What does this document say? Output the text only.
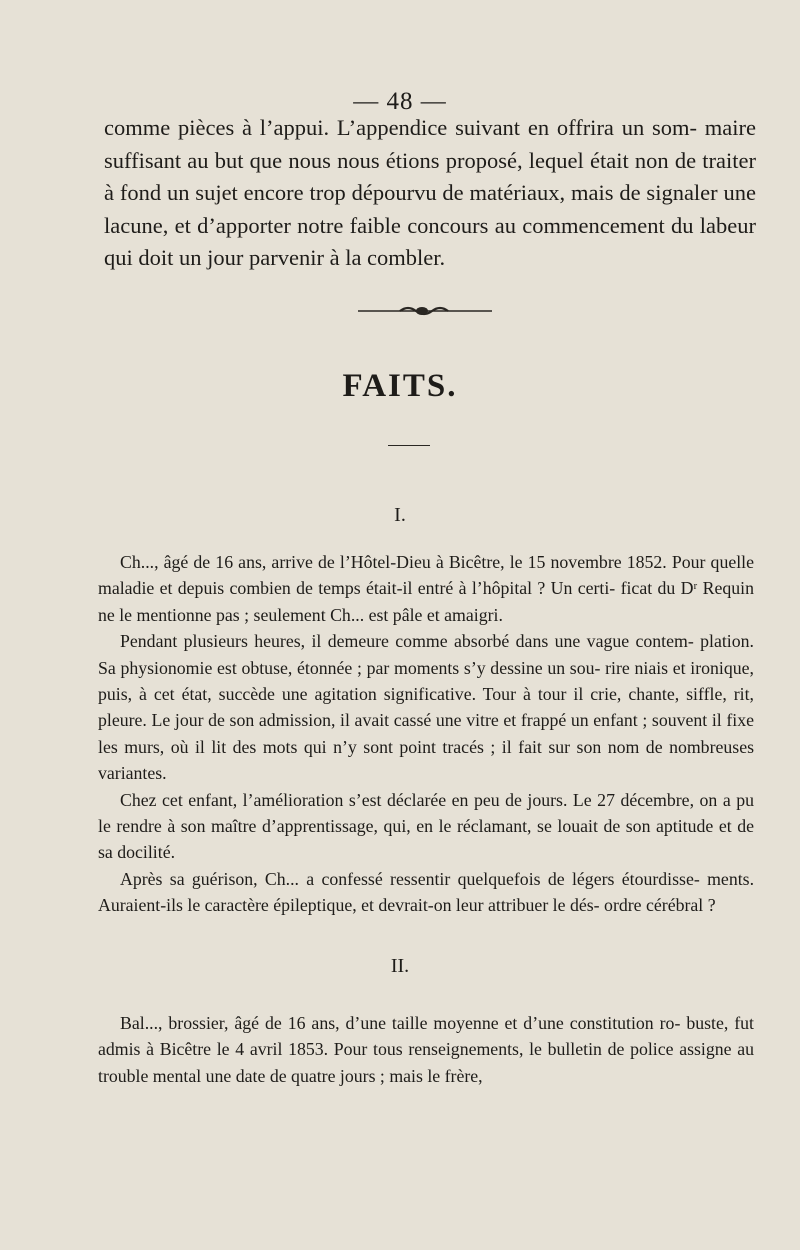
— 48 —

comme pièces à l’appui. L’appendice suivant en offrira un som- maire suffisant au but que nous nous étions proposé, lequel était non de traiter à fond un sujet encore trop dépourvu de matériaux, mais de signaler une lacune, et d’apporter notre faible concours au commencement du labeur qui doit un jour parvenir à la combler.

FAITS.
I.

Ch..., âgé de 16 ans, arrive de l’Hôtel-Dieu à Bicêtre, le 15 novembre 1852. Pour quelle maladie et depuis combien de temps était-il entré à l’hôpital ? Un certi- ficat du Dʳ Requin ne le mentionne pas ; seulement Ch... est pâle et amaigri.

Pendant plusieurs heures, il demeure comme absorbé dans une vague contem- plation. Sa physionomie est obtuse, étonnée ; par moments s’y dessine un sou- rire niais et ironique, puis, à cet état, succède une agitation significative. Tour à tour il crie, chante, siffle, rit, pleure. Le jour de son admission, il avait cassé une vitre et frappé un enfant ; souvent il fixe les murs, où il lit des mots qui n’y sont point tracés ; il fait sur son nom de nombreuses variantes.

Chez cet enfant, l’amélioration s’est déclarée en peu de jours. Le 27 décembre, on a pu le rendre à son maître d’apprentissage, qui, en le réclamant, se louait de son aptitude et de sa docilité.

Après sa guérison, Ch... a confessé ressentir quelquefois de légers étourdisse- ments. Auraient-ils le caractère épileptique, et devrait-on leur attribuer le dés- ordre cérébral ?

II.

Bal..., brossier, âgé de 16 ans, d’une taille moyenne et d’une constitution ro- buste, fut admis à Bicêtre le 4 avril 1853. Pour tous renseignements, le bulletin de police assigne au trouble mental une date de quatre jours ; mais le frère,
